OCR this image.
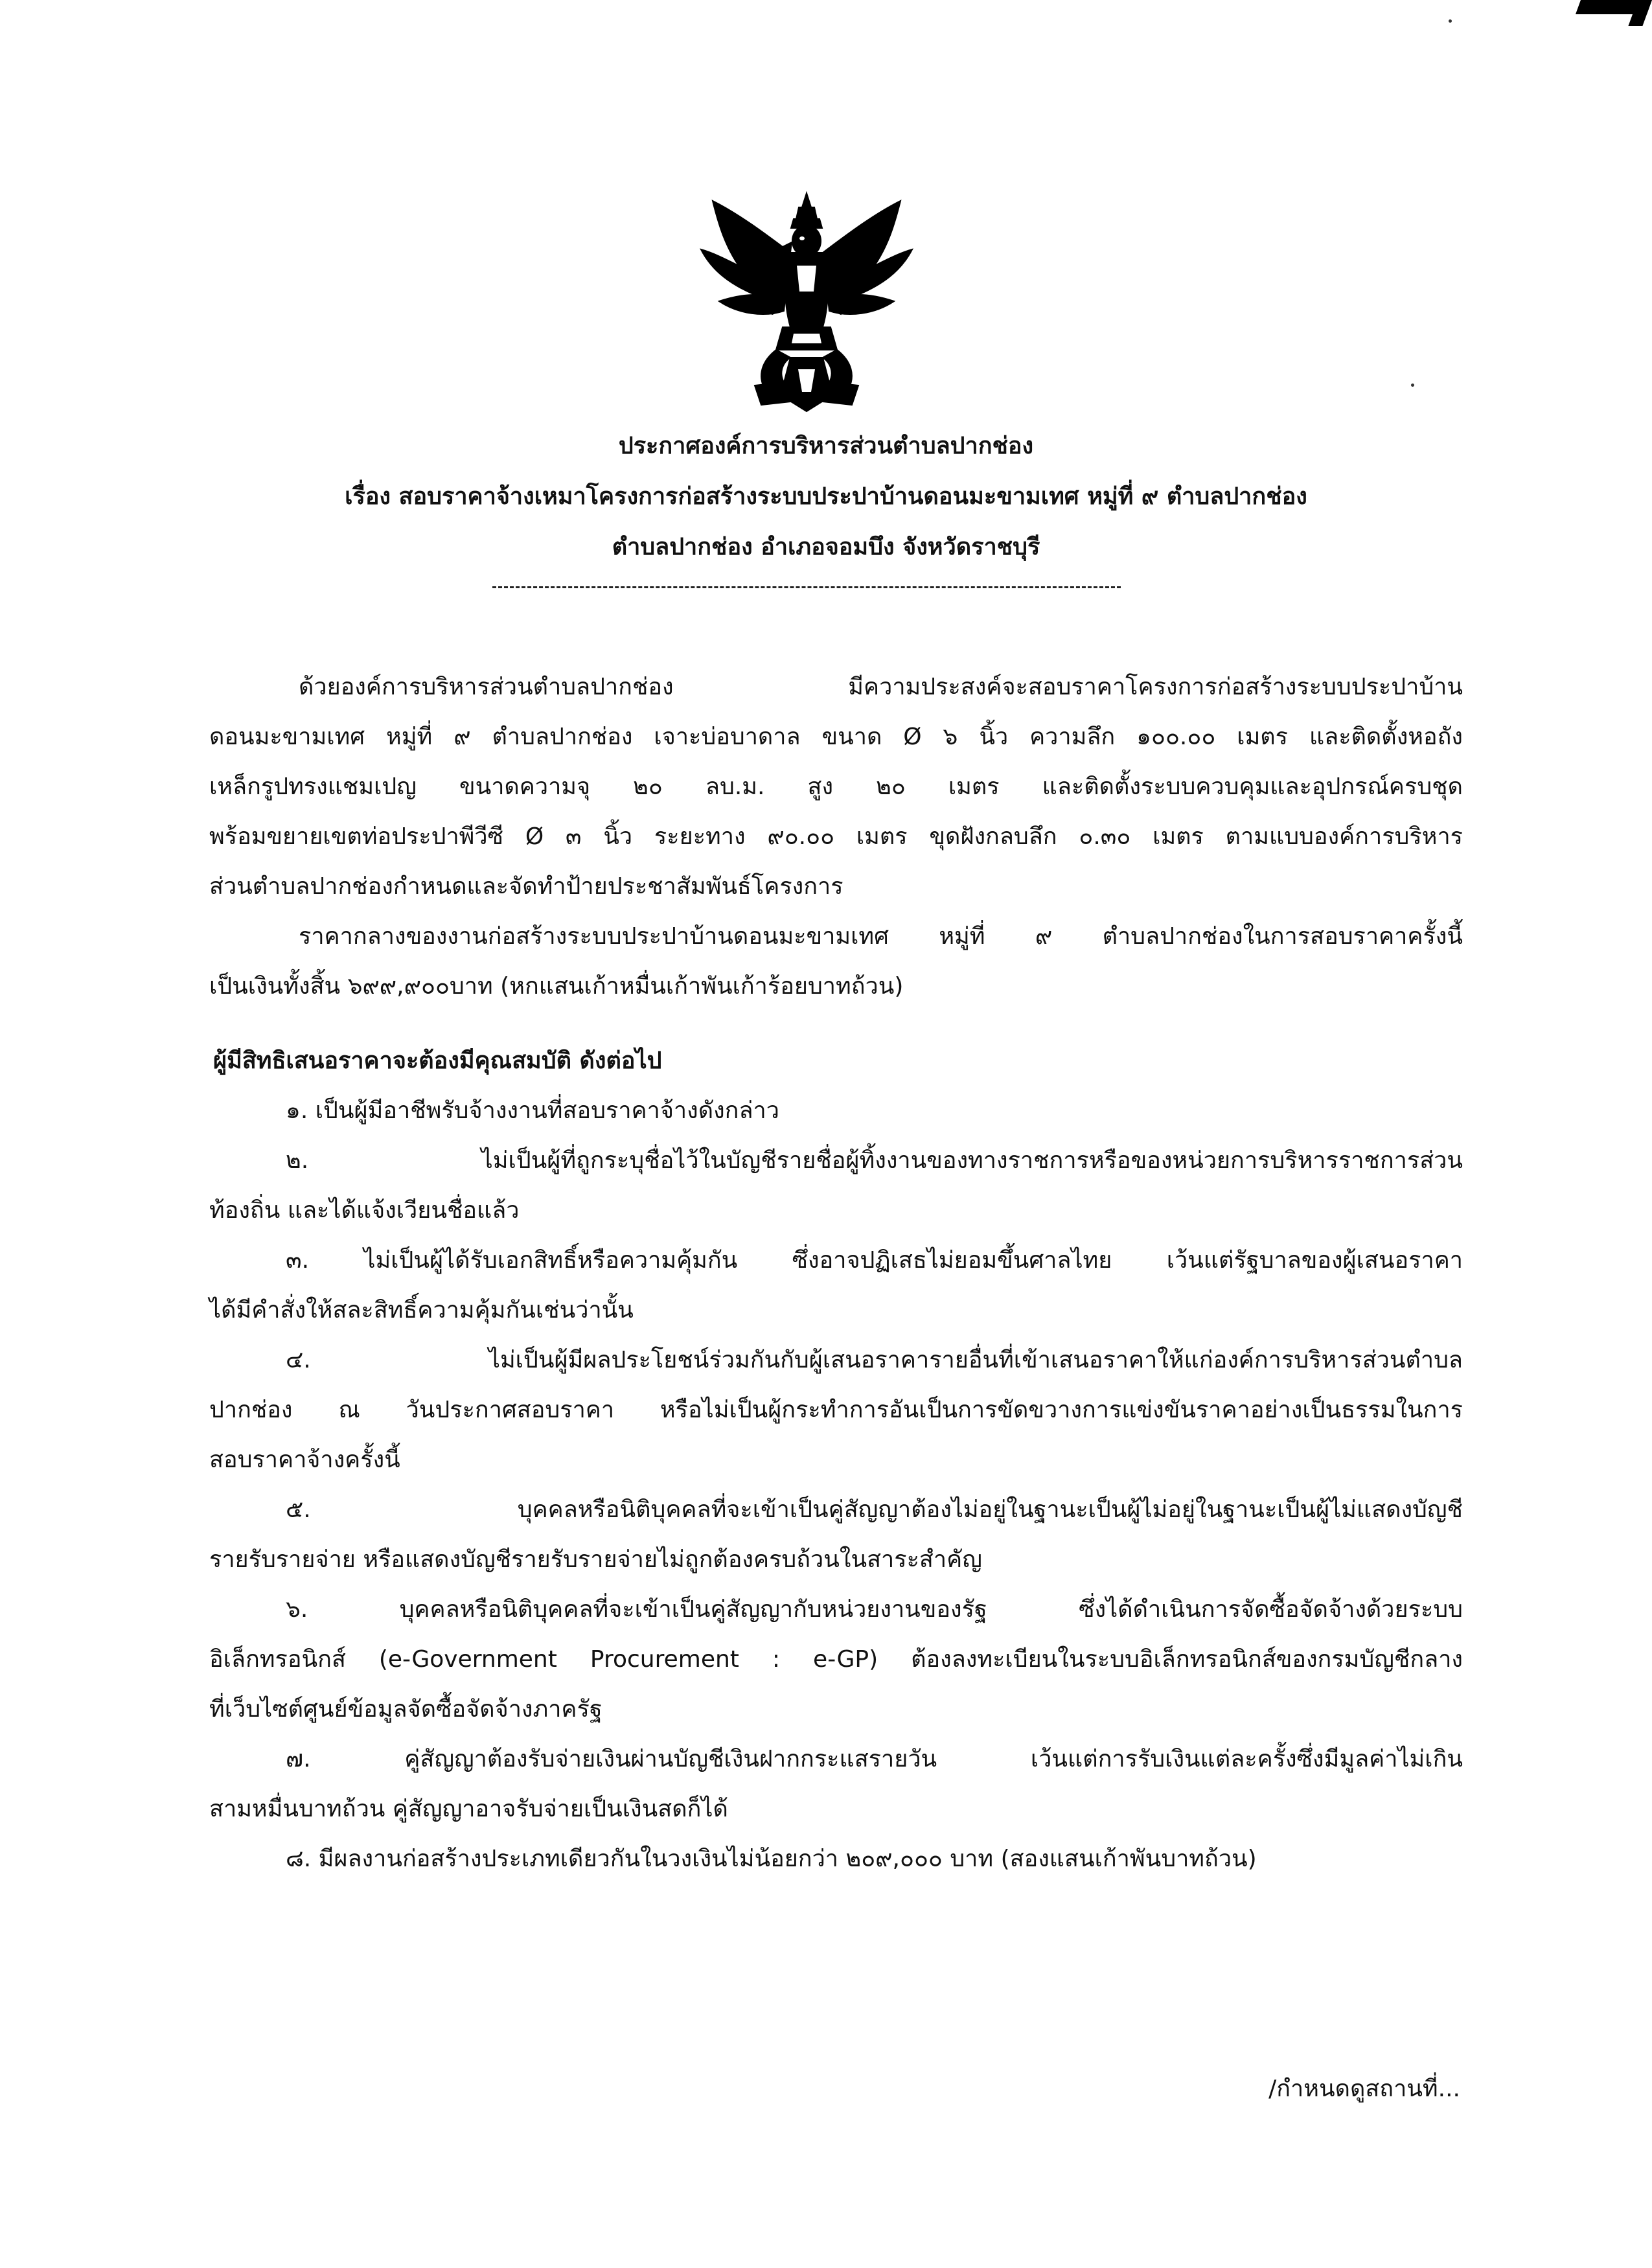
ประกาศองค์การบริหารส่วนตำบลปากช่อง
เรื่อง สอบราคาจ้างเหมาโครงการก่อสร้างระบบประปาบ้านดอนมะขามเทศ หมู่ที่ ๙ ตำบลปากช่อง
ตำบลปากช่อง อำเภอจอมบึง จังหวัดราชบุรี
ด้วยองค์การบริหารส่วนตำบลปากช่อง มีความประสงค์จะสอบราคาโครงการก่อสร้างระบบประปาบ้าน
ดอนมะขามเทศ หมู่ที่ ๙ ตำบลปากช่อง เจาะบ่อบาดาล ขนาด Ø ๖ นิ้ว ความลึก ๑๐๐.๐๐ เมตร และติดตั้งหอถัง
เหล็กรูปทรงแชมเปญ ขนาดความจุ ๒๐ ลบ.ม. สูง ๒๐ เมตร และติดตั้งระบบควบคุมและอุปกรณ์ครบชุด
พร้อมขยายเขตท่อประปาพีวีซี Ø ๓ นิ้ว ระยะทาง ๙๐.๐๐ เมตร ขุดฝังกลบลึก ๐.๓๐ เมตร ตามแบบองค์การบริหาร
ส่วนตำบลปากช่องกำหนดและจัดทำป้ายประชาสัมพันธ์โครงการ
ราคากลางของงานก่อสร้างระบบประปาบ้านดอนมะขามเทศ หมู่ที่ ๙ ตำบลปากช่องในการสอบราคาครั้งนี้
เป็นเงินทั้งสิ้น ๖๙๙,๙๐๐บาท (หกแสนเก้าหมื่นเก้าพันเก้าร้อยบาทถ้วน)
ผู้มีสิทธิเสนอราคาจะต้องมีคุณสมบัติ ดังต่อไป
๑. เป็นผู้มีอาชีพรับจ้างงานที่สอบราคาจ้างดังกล่าว
๒. ไม่เป็นผู้ที่ถูกระบุชื่อไว้ในบัญชีรายชื่อผู้ทิ้งงานของทางราชการหรือของหน่วยการบริหารราชการส่วน
ท้องถิ่น และได้แจ้งเวียนชื่อแล้ว
๓. ไม่เป็นผู้ได้รับเอกสิทธิ์หรือความคุ้มกัน ซึ่งอาจปฏิเสธไม่ยอมขึ้นศาลไทย เว้นแต่รัฐบาลของผู้เสนอราคา
ได้มีคำสั่งให้สละสิทธิ์ความคุ้มกันเช่นว่านั้น
๔. ไม่เป็นผู้มีผลประโยชน์ร่วมกันกับผู้เสนอราคารายอื่นที่เข้าเสนอราคาให้แก่องค์การบริหารส่วนตำบล
ปากช่อง ณ วันประกาศสอบราคา หรือไม่เป็นผู้กระทำการอันเป็นการขัดขวางการแข่งขันราคาอย่างเป็นธรรมในการ
สอบราคาจ้างครั้งนี้
๕. บุคคลหรือนิติบุคคลที่จะเข้าเป็นคู่สัญญาต้องไม่อยู่ในฐานะเป็นผู้ไม่อยู่ในฐานะเป็นผู้ไม่แสดงบัญชี
รายรับรายจ่าย หรือแสดงบัญชีรายรับรายจ่ายไม่ถูกต้องครบถ้วนในสาระสำคัญ
๖. บุคคลหรือนิติบุคคลที่จะเข้าเป็นคู่สัญญากับหน่วยงานของรัฐ ซึ่งได้ดำเนินการจัดซื้อจัดจ้างด้วยระบบ
อิเล็กทรอนิกส์ (e-Government Procurement : e-GP) ต้องลงทะเบียนในระบบอิเล็กทรอนิกส์ของกรมบัญชีกลาง
ที่เว็บไซต์ศูนย์ข้อมูลจัดซื้อจัดจ้างภาครัฐ
๗. คู่สัญญาต้องรับจ่ายเงินผ่านบัญชีเงินฝากกระแสรายวัน เว้นแต่การรับเงินแต่ละครั้งซึ่งมีมูลค่าไม่เกิน
สามหมื่นบาทถ้วน คู่สัญญาอาจรับจ่ายเป็นเงินสดก็ได้
๘. มีผลงานก่อสร้างประเภทเดียวกันในวงเงินไม่น้อยกว่า ๒๐๙,๐๐๐ บาท (สองแสนเก้าพันบาทถ้วน)
/กำหนดดูสถานที่...
